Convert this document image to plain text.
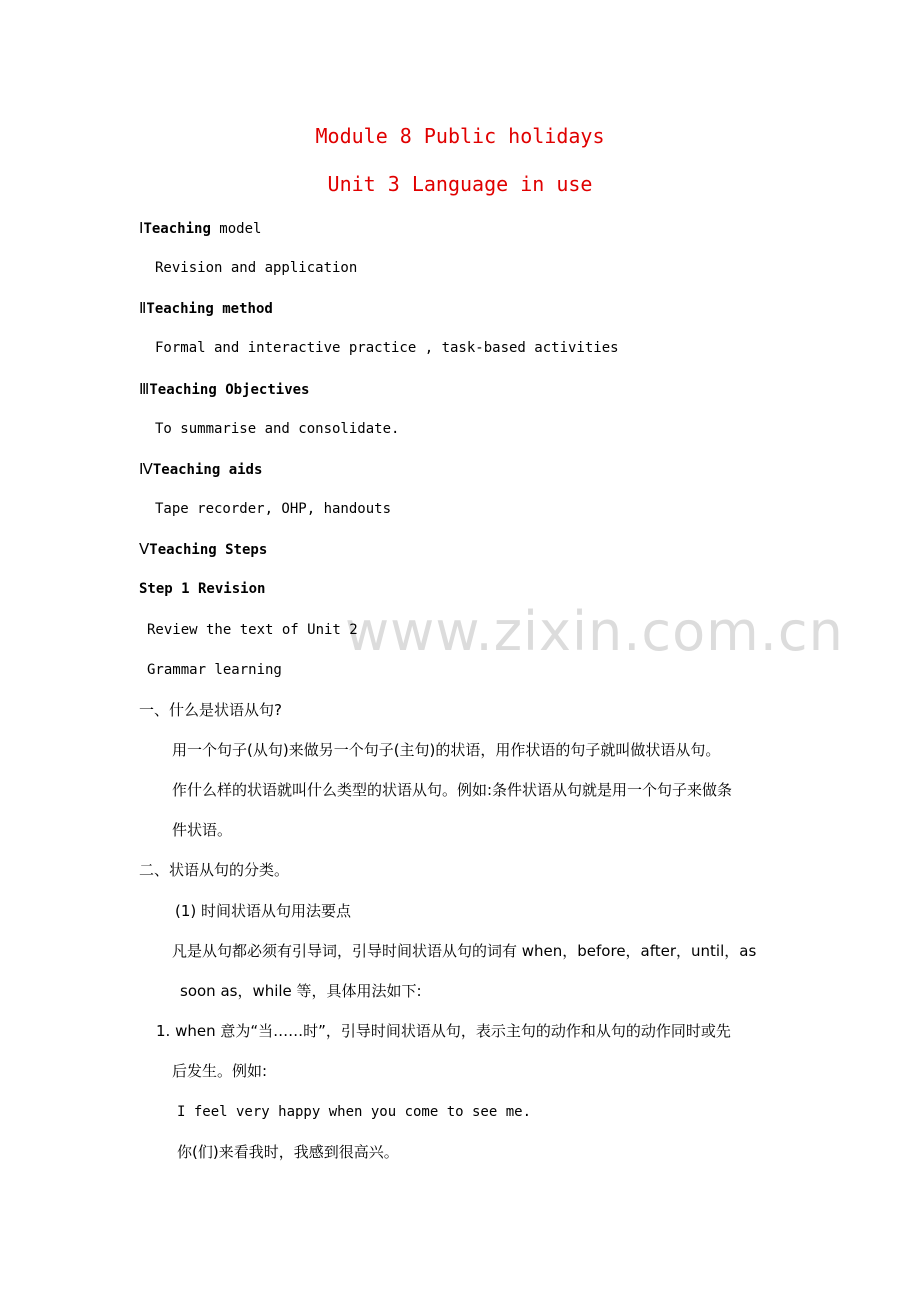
www.zixin.com.cn
Module 8 Public holidays
Unit 3 Language in use
ⅠTeaching model
Revision and application
ⅡTeaching method
Formal and interactive practice , task-based activities
ⅢTeaching Objectives
To summarise and consolidate.
ⅣTeaching aids
Tape recorder, OHP, handouts
ⅤTeaching Steps
Step 1 Revision
Review the text of Unit 2
Grammar learning
一、什么是状语从句?
用一个句子(从句)来做另一个句子(主句)的状语，用作状语的句子就叫做状语从句。
作什么样的状语就叫什么类型的状语从句。例如:条件状语从句就是用一个句子来做条
件状语。
二、状语从句的分类。
(1) 时间状语从句用法要点
凡是从句都必须有引导词，引导时间状语从句的词有 when，before，after，until，as
soon as，while 等，具体用法如下:
1. when 意为“当……时”，引导时间状语从句，表示主句的动作和从句的动作同时或先
后发生。例如:
I feel very happy when you come to see me.
你(们)来看我时，我感到很高兴。
